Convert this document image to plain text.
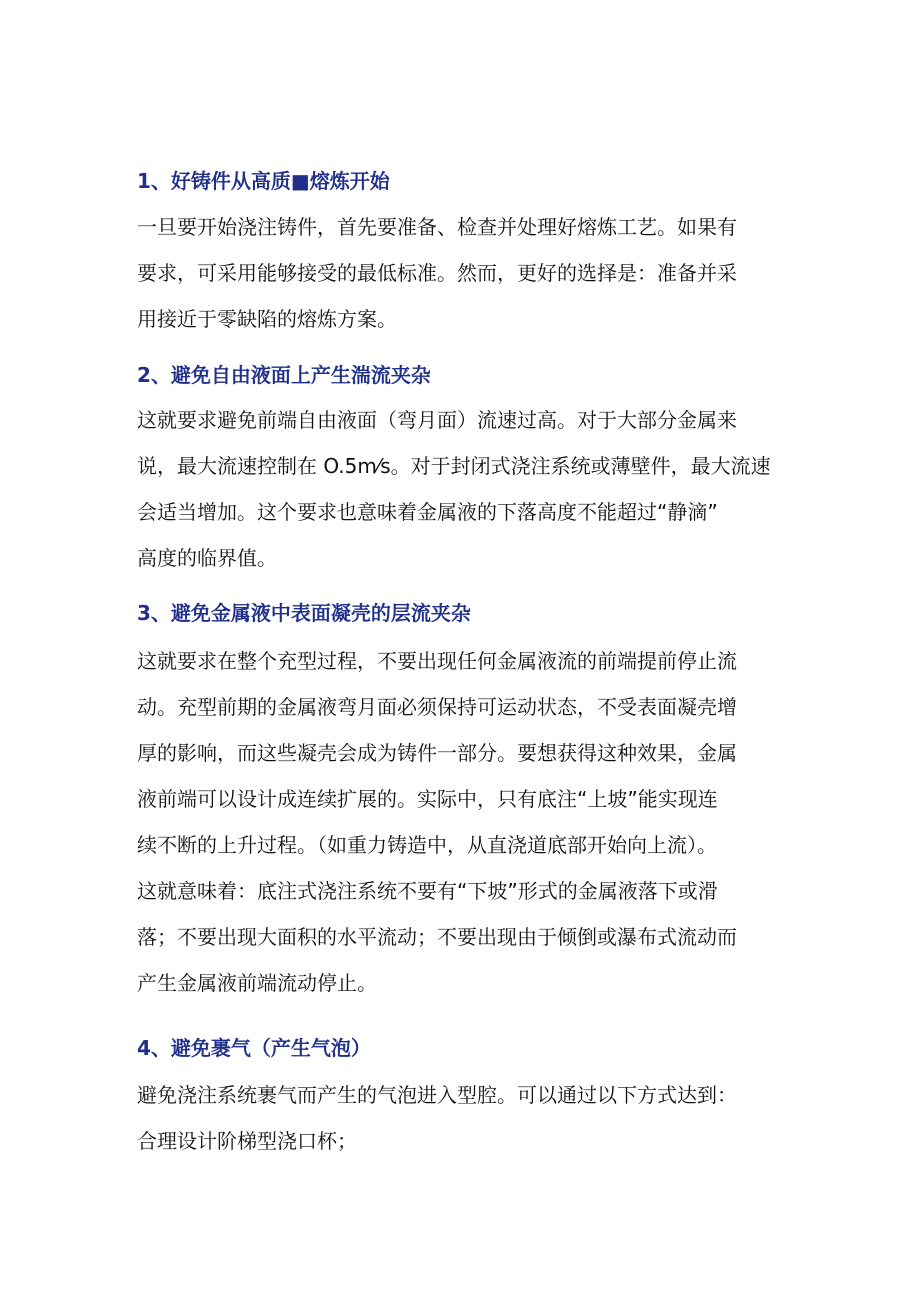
1、好铸件从高质■熔炼开始
一旦要开始浇注铸件，首先要准备、检查并处理好熔炼工艺。如果有
要求，可采用能够接受的最低标准。然而，更好的选择是：准备并采
用接近于零缺陷的熔炼方案。
2、避免自由液面上产生湍流夹杂
这就要求避免前端自由液面（弯月面）流速过高。对于大部分金属来
说，最大流速控制在 O.5m⁄s。对于封闭式浇注系统或薄壁件，最大流速
会适当增加。这个要求也意味着金属液的下落高度不能超过“静滴”
高度的临界值。
3、避免金属液中表面凝壳的层流夹杂
这就要求在整个充型过程，不要出现任何金属液流的前端提前停止流
动。充型前期的金属液弯月面必须保持可运动状态，不受表面凝壳增
厚的影响，而这些凝壳会成为铸件一部分。要想获得这种效果，金属
液前端可以设计成连续扩展的。实际中，只有底注“上坡”能实现连
续不断的上升过程。（如重力铸造中，从直浇道底部开始向上流）。
这就意味着：底注式浇注系统不要有“下坡”形式的金属液落下或滑
落；不要出现大面积的水平流动；不要出现由于倾倒或瀑布式流动而
产生金属液前端流动停止。
4、避免裹气（产生气泡）
避免浇注系统裹气而产生的气泡进入型腔。可以通过以下方式达到：
合理设计阶梯型浇口杯；
